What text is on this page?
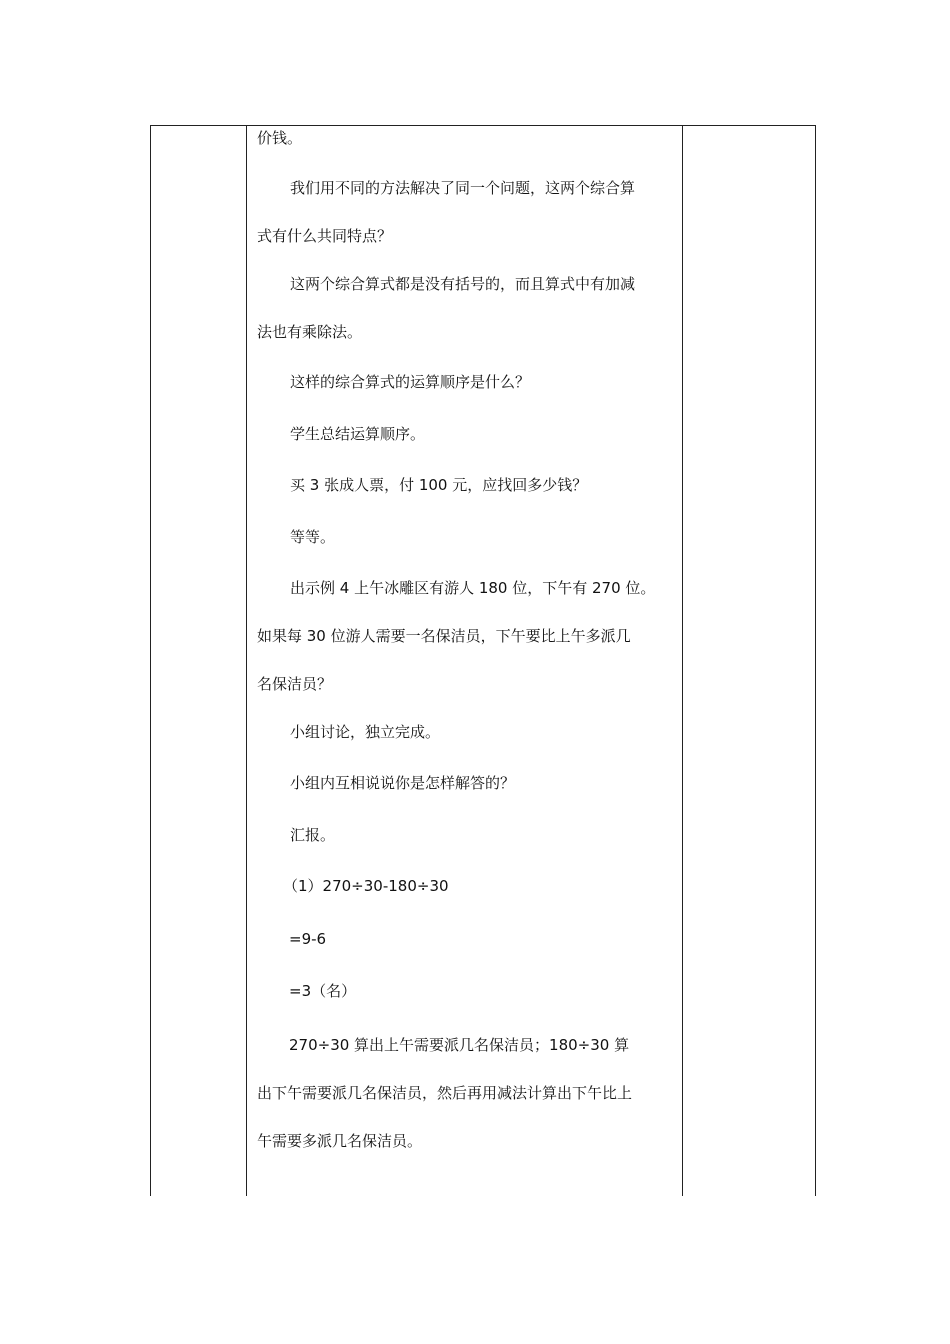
价钱。

我们用不同的方法解决了同一个问题，这两个综合算
式有什么共同特点？
这两个综合算式都是没有括号的，而且算式中有加减
法也有乘除法。

这样的综合算式的运算顺序是什么？

学生总结运算顺序。

买 3 张成人票，付 100 元，应找回多少钱？

等等。

出示例 4 上午冰雕区有游人 180 位，下午有 270 位。
如果每 30 位游人需要一名保洁员，下午要比上午多派几
名保洁员？

小组讨论，独立完成。

小组内互相说说你是怎样解答的？

汇报。

（1）270÷30-180÷30

=9-6

=3（名）

270÷30 算出上午需要派几名保洁员；180÷30 算
出下午需要派几名保洁员，然后再用减法计算出下午比上
午需要多派几名保洁员。
